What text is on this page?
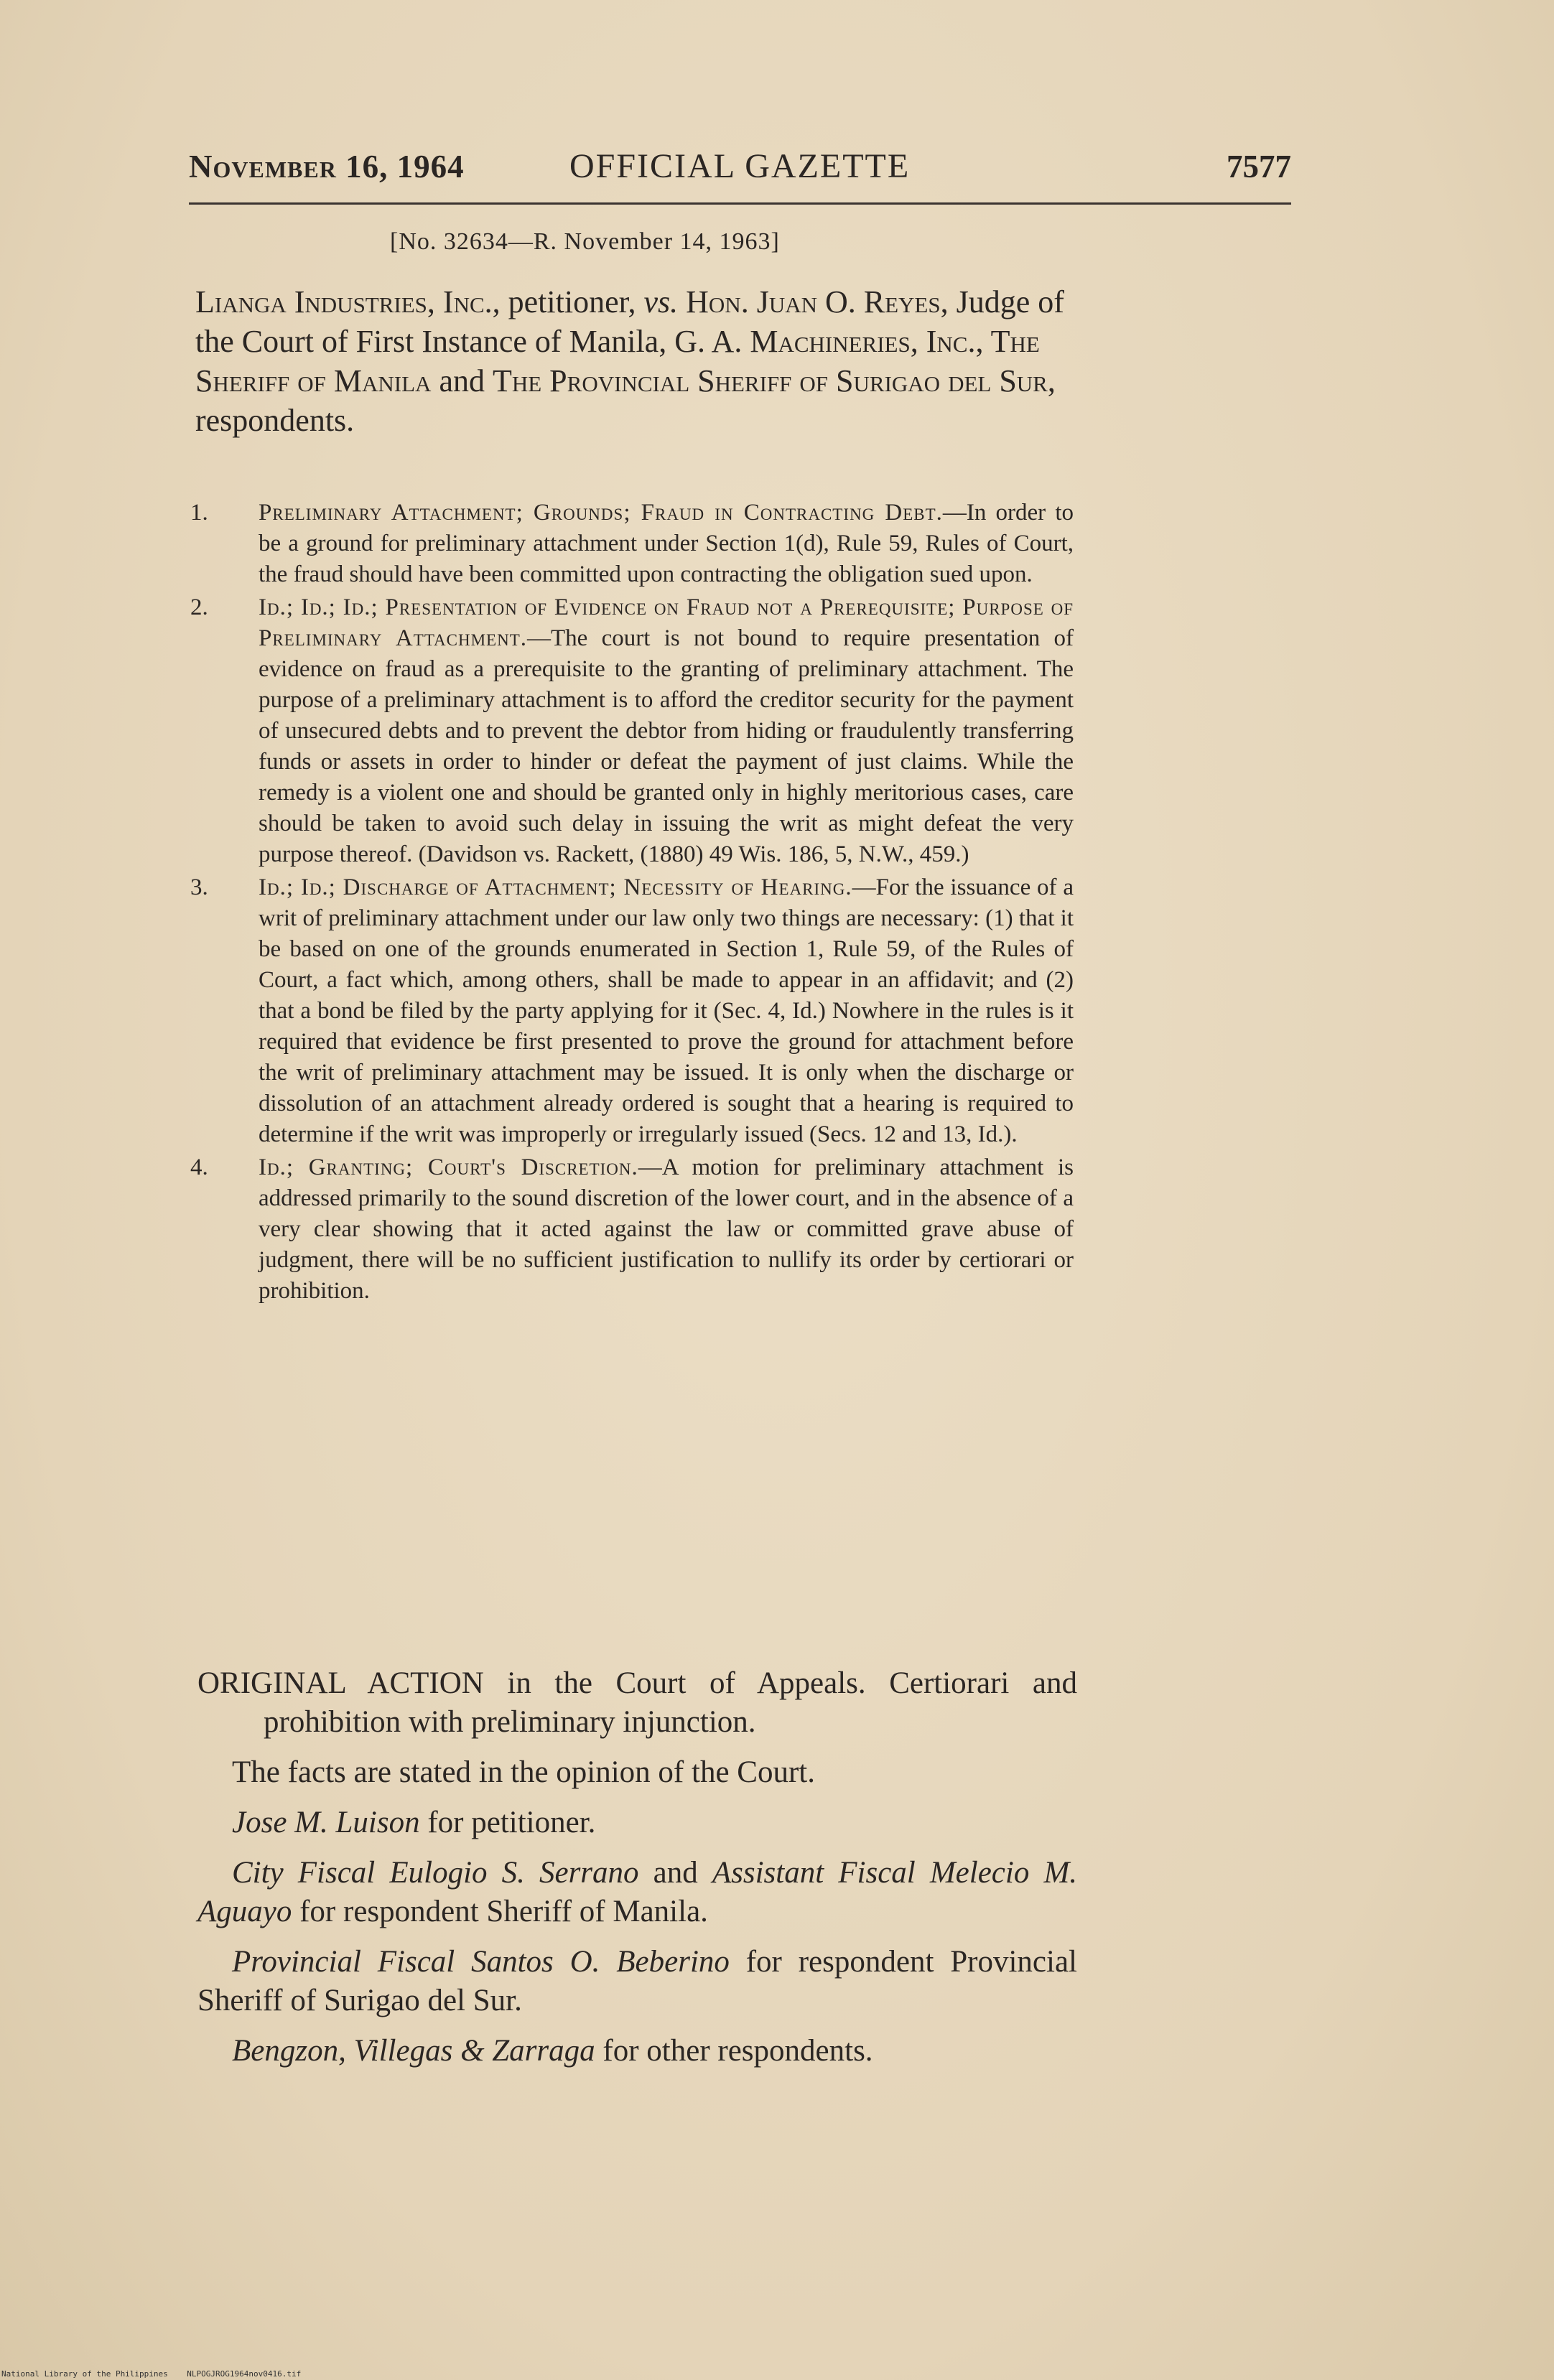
November 16, 1964	OFFICIAL GAZETTE	7577
[No. 32634—R. November 14, 1963]
Lianga Industries, Inc., petitioner, vs. Hon. Juan O. Reyes, Judge of the Court of First Instance of Manila, G. A. Machineries, Inc., The Sheriff of Manila and The Provincial Sheriff of Surigao del Sur, respondents.

1. Preliminary Attachment; Grounds; Fraud in Contracting Debt.—In order to be a ground for preliminary attachment under Section 1(d), Rule 59, Rules of Court, the fraud should have been committed upon contracting the obligation sued upon.

2. Id.; Id.; Id.; Presentation of Evidence on Fraud not a Prerequisite; Purpose of Preliminary Attachment.—The court is not bound to require presentation of evidence on fraud as a prerequisite to the granting of preliminary attachment. The purpose of a preliminary attachment is to afford the creditor security for the payment of unsecured debts and to prevent the debtor from hiding or fraudulently transferring funds or assets in order to hinder or defeat the payment of just claims. While the remedy is a violent one and should be granted only in highly meritorious cases, care should be taken to avoid such delay in issuing the writ as might defeat the very purpose thereof. (Davidson vs. Rackett, (1880) 49 Wis. 186, 5, N.W., 459.)

3. Id.; Id.; Discharge of Attachment; Necessity of Hearing.—For the issuance of a writ of preliminary attachment under our law only two things are necessary: (1) that it be based on one of the grounds enumerated in Section 1, Rule 59, of the Rules of Court, a fact which, among others, shall be made to appear in an affidavit; and (2) that a bond be filed by the party applying for it (Sec. 4, Id.) Nowhere in the rules is it required that evidence be first presented to prove the ground for attachment before the writ of preliminary attachment may be issued. It is only when the discharge or dissolution of an attachment already ordered is sought that a hearing is required to determine if the writ was improperly or irregularly issued (Secs. 12 and 13, Id.).

4. Id.; Granting; Court's Discretion.—A motion for preliminary attachment is addressed primarily to the sound discretion of the lower court, and in the absence of a very clear showing that it acted against the law or committed grave abuse of judgment, there will be no sufficient justification to nullify its order by certiorari or prohibition.

ORIGINAL ACTION in the Court of Appeals. Certiorari and prohibition with preliminary injunction.

The facts are stated in the opinion of the Court.

Jose M. Luison for petitioner.

City Fiscal Eulogio S. Serrano and Assistant Fiscal Melecio M. Aguayo for respondent Sheriff of Manila.

Provincial Fiscal Santos O. Beberino for respondent Provincial Sheriff of Surigao del Sur.

Bengzon, Villegas & Zarraga for other respondents.

National Library of the Philippines    NLPOGJROG1964nov0416.tif
